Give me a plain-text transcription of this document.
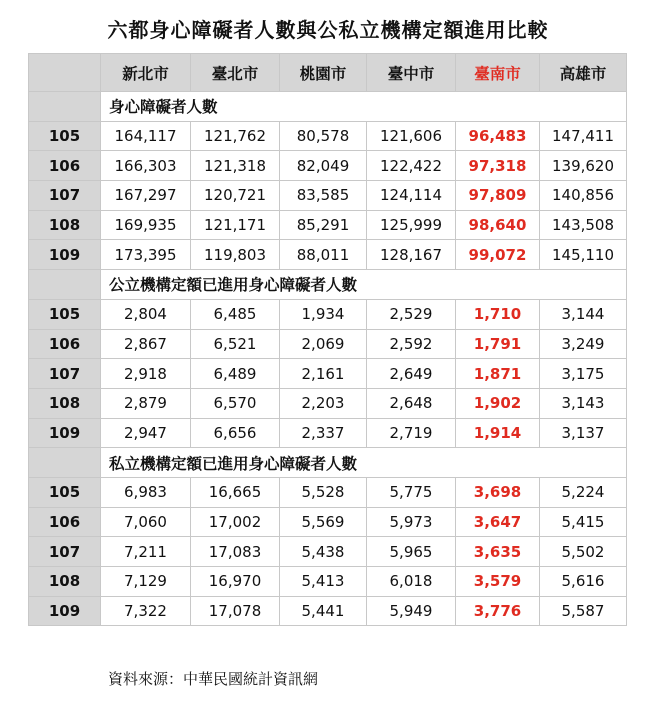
六都身心障礙者人數與公私立機構定額進用比較
	新北市	臺北市	桃園市	臺中市	臺南市	高雄市
	身心障礙者人數					
105	164,117	121,762	80,578	121,606	96,483	147,411
106	166,303	121,318	82,049	122,422	97,318	139,620
107	167,297	120,721	83,585	124,114	97,809	140,856
108	169,935	121,171	85,291	125,999	98,640	143,508
109	173,395	119,803	88,011	128,167	99,072	145,110
	公立機構定額已進用身心障礙者人數					
105	2,804	6,485	1,934	2,529	1,710	3,144
106	2,867	6,521	2,069	2,592	1,791	3,249
107	2,918	6,489	2,161	2,649	1,871	3,175
108	2,879	6,570	2,203	2,648	1,902	3,143
109	2,947	6,656	2,337	2,719	1,914	3,137
	私立機構定額已進用身心障礙者人數					
105	6,983	16,665	5,528	5,775	3,698	5,224
106	7,060	17,002	5,569	5,973	3,647	5,415
107	7,211	17,083	5,438	5,965	3,635	5,502
108	7,129	16,970	5,413	6,018	3,579	5,616
109	7,322	17,078	5,441	5,949	3,776	5,587
資料來源：中華民國統計資訊網
